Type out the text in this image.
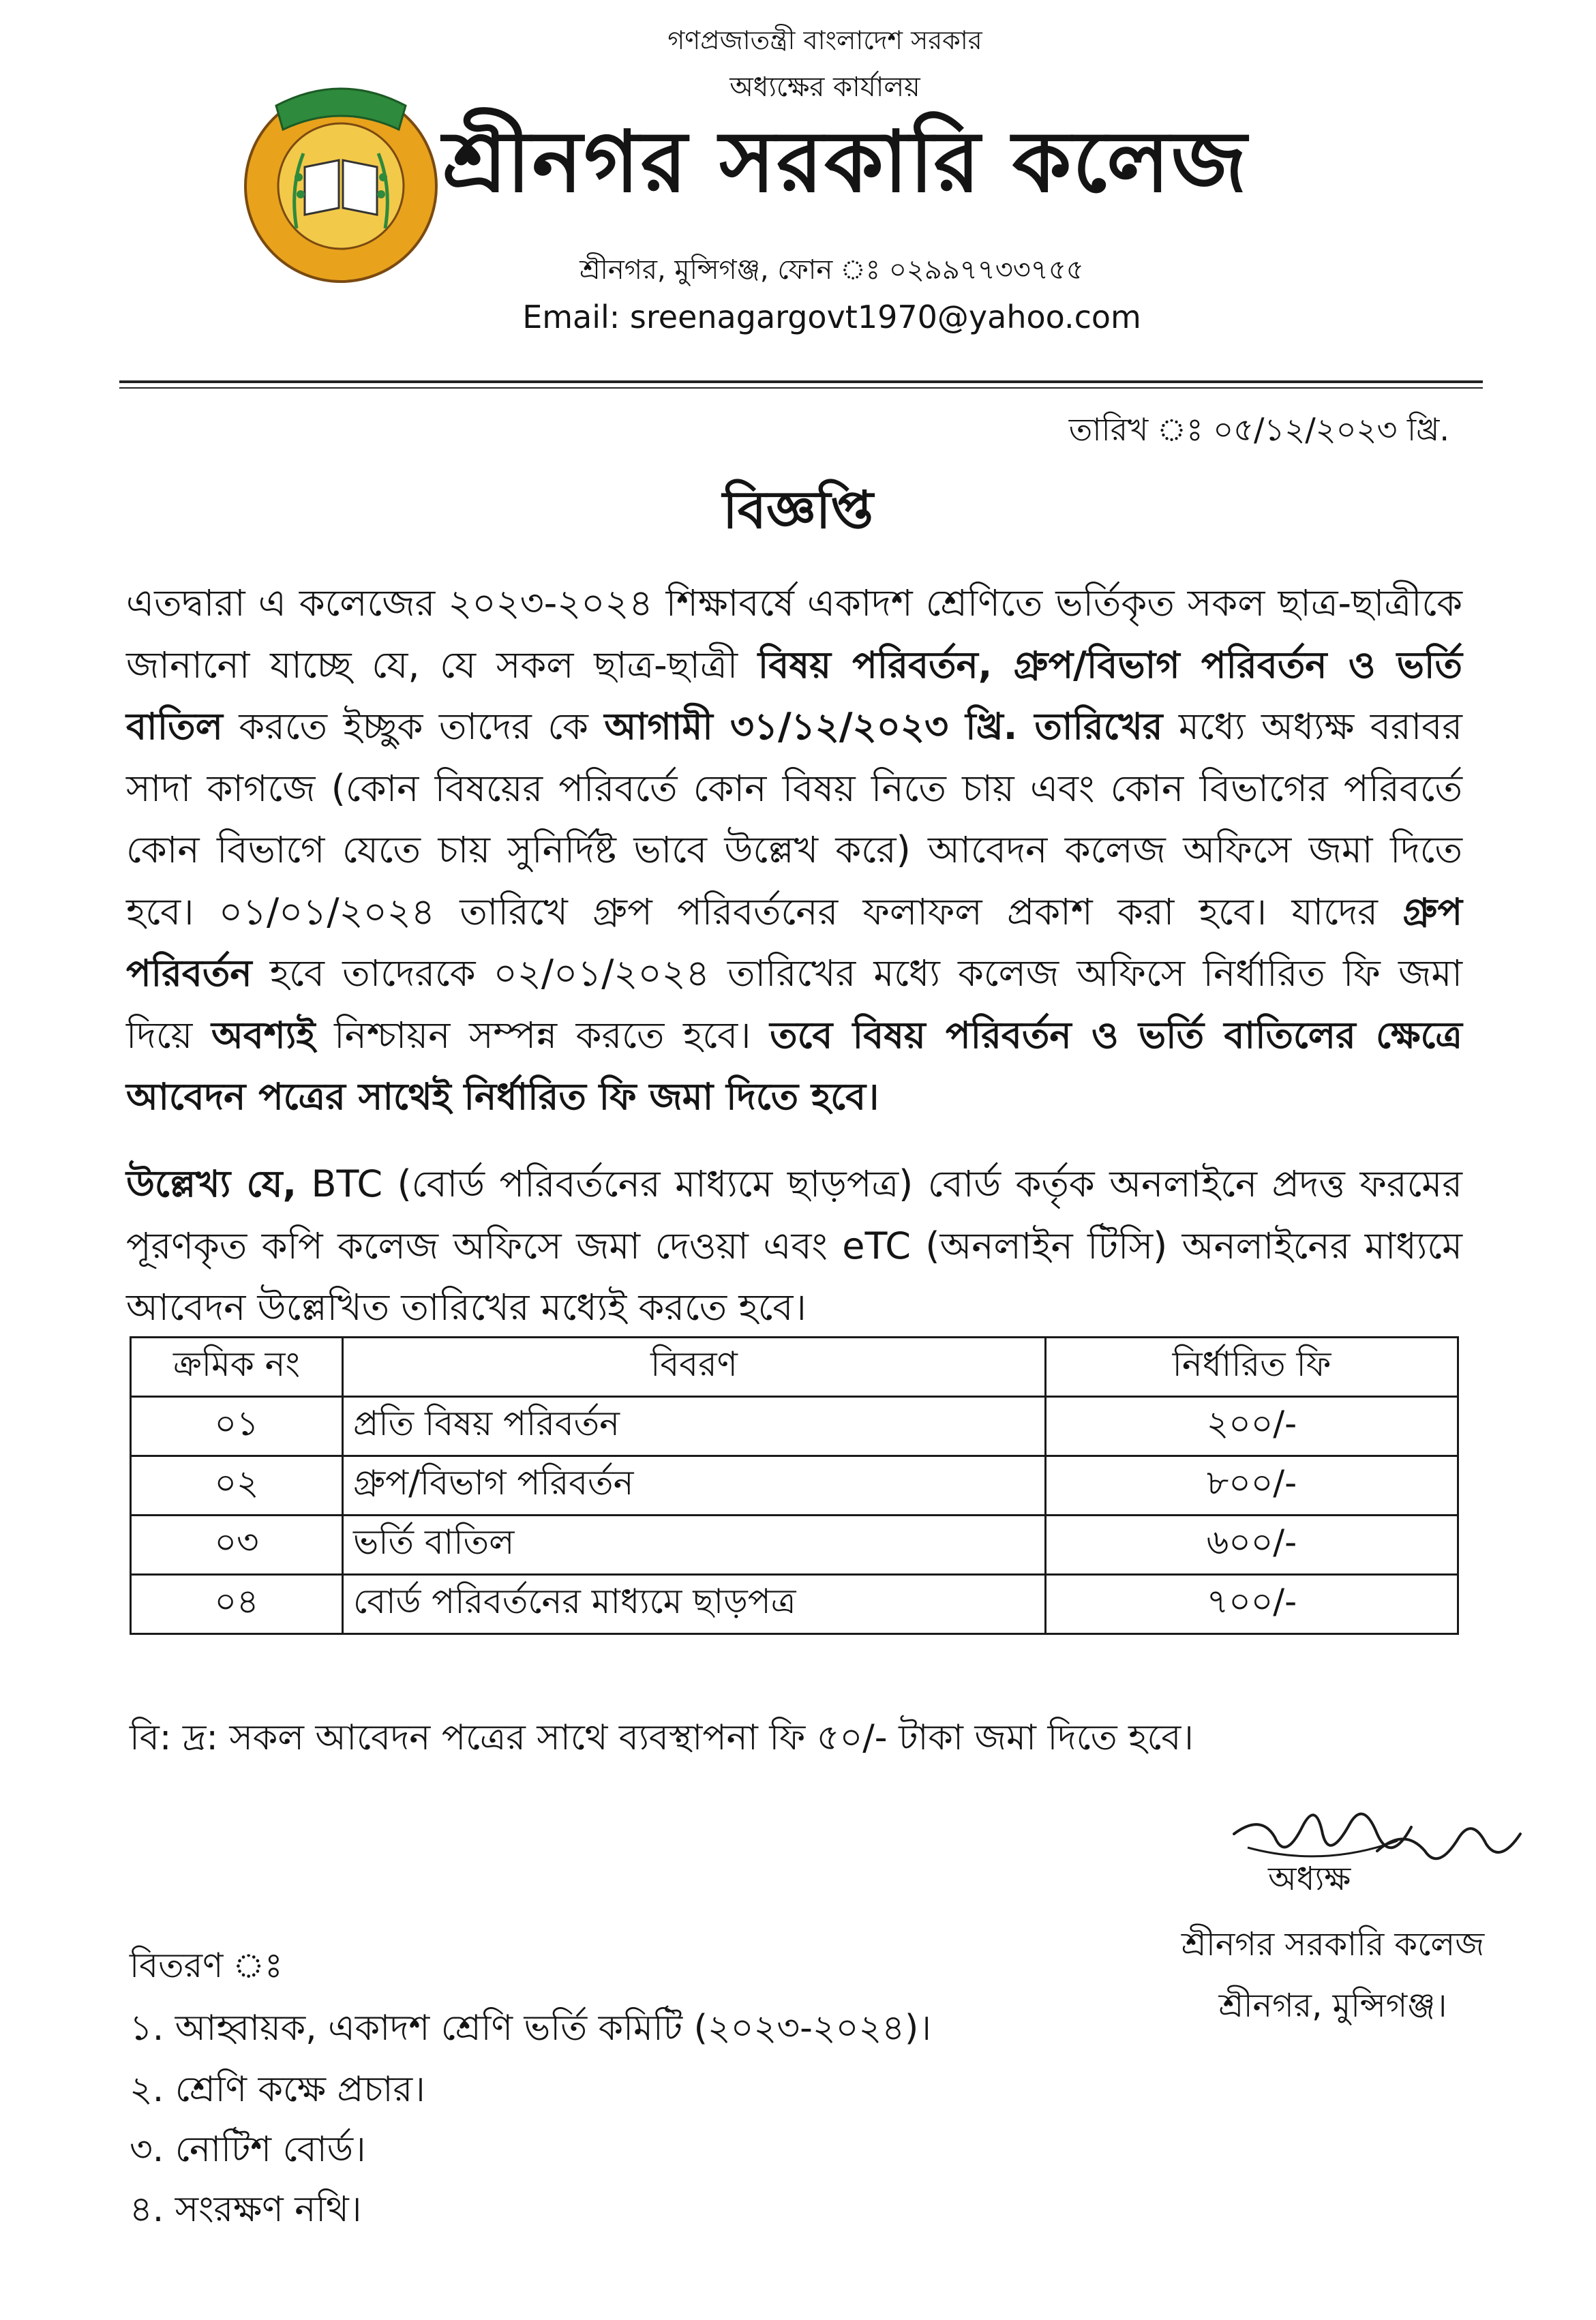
গণপ্রজাতন্ত্রী বাংলাদেশ সরকার
অধ্যক্ষের কার্যালয়
শ্রীনগর সরকারি কলেজ
শ্রীনগর, মুন্সিগঞ্জ, ফোন ঃ ০২৯৯৭৭৩৩৭৫৫
Email: sreenagargovt1970@yahoo.com
তারিখ ঃ ০৫/১২/২০২৩ খ্রি.
বিজ্ঞপ্তি
এতদ্বারা এ কলেজের ২০২৩-২০২৪ শিক্ষাবর্ষে একাদশ শ্রেণিতে ভর্তিকৃত সকল ছাত্র-ছাত্রীকে জানানো যাচ্ছে যে, যে সকল ছাত্র-ছাত্রী বিষয় পরিবর্তন, গ্রুপ/বিভাগ পরিবর্তন ও ভর্তি বাতিল করতে ইচ্ছুক তাদের কে আগামী ৩১/১২/২০২৩ খ্রি. তারিখের মধ্যে অধ্যক্ষ বরাবর সাদা কাগজে (কোন বিষয়ের পরিবর্তে কোন বিষয় নিতে চায় এবং কোন বিভাগের পরিবর্তে কোন বিভাগে যেতে চায় সুনির্দিষ্ট ভাবে উল্লেখ করে) আবেদন কলেজ অফিসে জমা দিতে হবে। ০১/০১/২০২৪ তারিখে গ্রুপ পরিবর্তনের ফলাফল প্রকাশ করা হবে। যাদের গ্রুপ পরিবর্তন হবে তাদেরকে ০২/০১/২০২৪ তারিখের মধ্যে কলেজ অফিসে নির্ধারিত ফি জমা দিয়ে অবশ্যই নিশ্চায়ন সম্পন্ন করতে হবে। তবে বিষয় পরিবর্তন ও ভর্তি বাতিলের ক্ষেত্রে আবেদন পত্রের সাথেই নির্ধারিত ফি জমা দিতে হবে।
উল্লেখ্য যে, BTC (বোর্ড পরিবর্তনের মাধ্যমে ছাড়পত্র) বোর্ড কর্তৃক অনলাইনে প্রদত্ত ফরমের পূরণকৃত কপি কলেজ অফিসে জমা দেওয়া এবং eTC (অনলাইন টিসি) অনলাইনের মাধ্যমে আবেদন উল্লেখিত তারিখের মধ্যেই করতে হবে।
ক্রমিক নং	বিবরণ	নির্ধারিত ফি
০১	প্রতি বিষয় পরিবর্তন	২০০/-
০২	গ্রুপ/বিভাগ পরিবর্তন	৮০০/-
০৩	ভর্তি বাতিল	৬০০/-
০৪	বোর্ড পরিবর্তনের মাধ্যমে ছাড়পত্র	৭০০/-
বি: দ্র: সকল আবেদন পত্রের সাথে ব্যবস্থাপনা ফি ৫০/- টাকা জমা দিতে হবে।
অধ্যক্ষ
শ্রীনগর সরকারি কলেজ
শ্রীনগর, মুন্সিগঞ্জ।
বিতরণ ঃ
১. আহ্বায়ক, একাদশ শ্রেণি ভর্তি কমিটি (২০২৩-২০২৪)।
২. শ্রেণি কক্ষে প্রচার।
৩. নোটিশ বোর্ড।
৪. সংরক্ষণ নথি।
